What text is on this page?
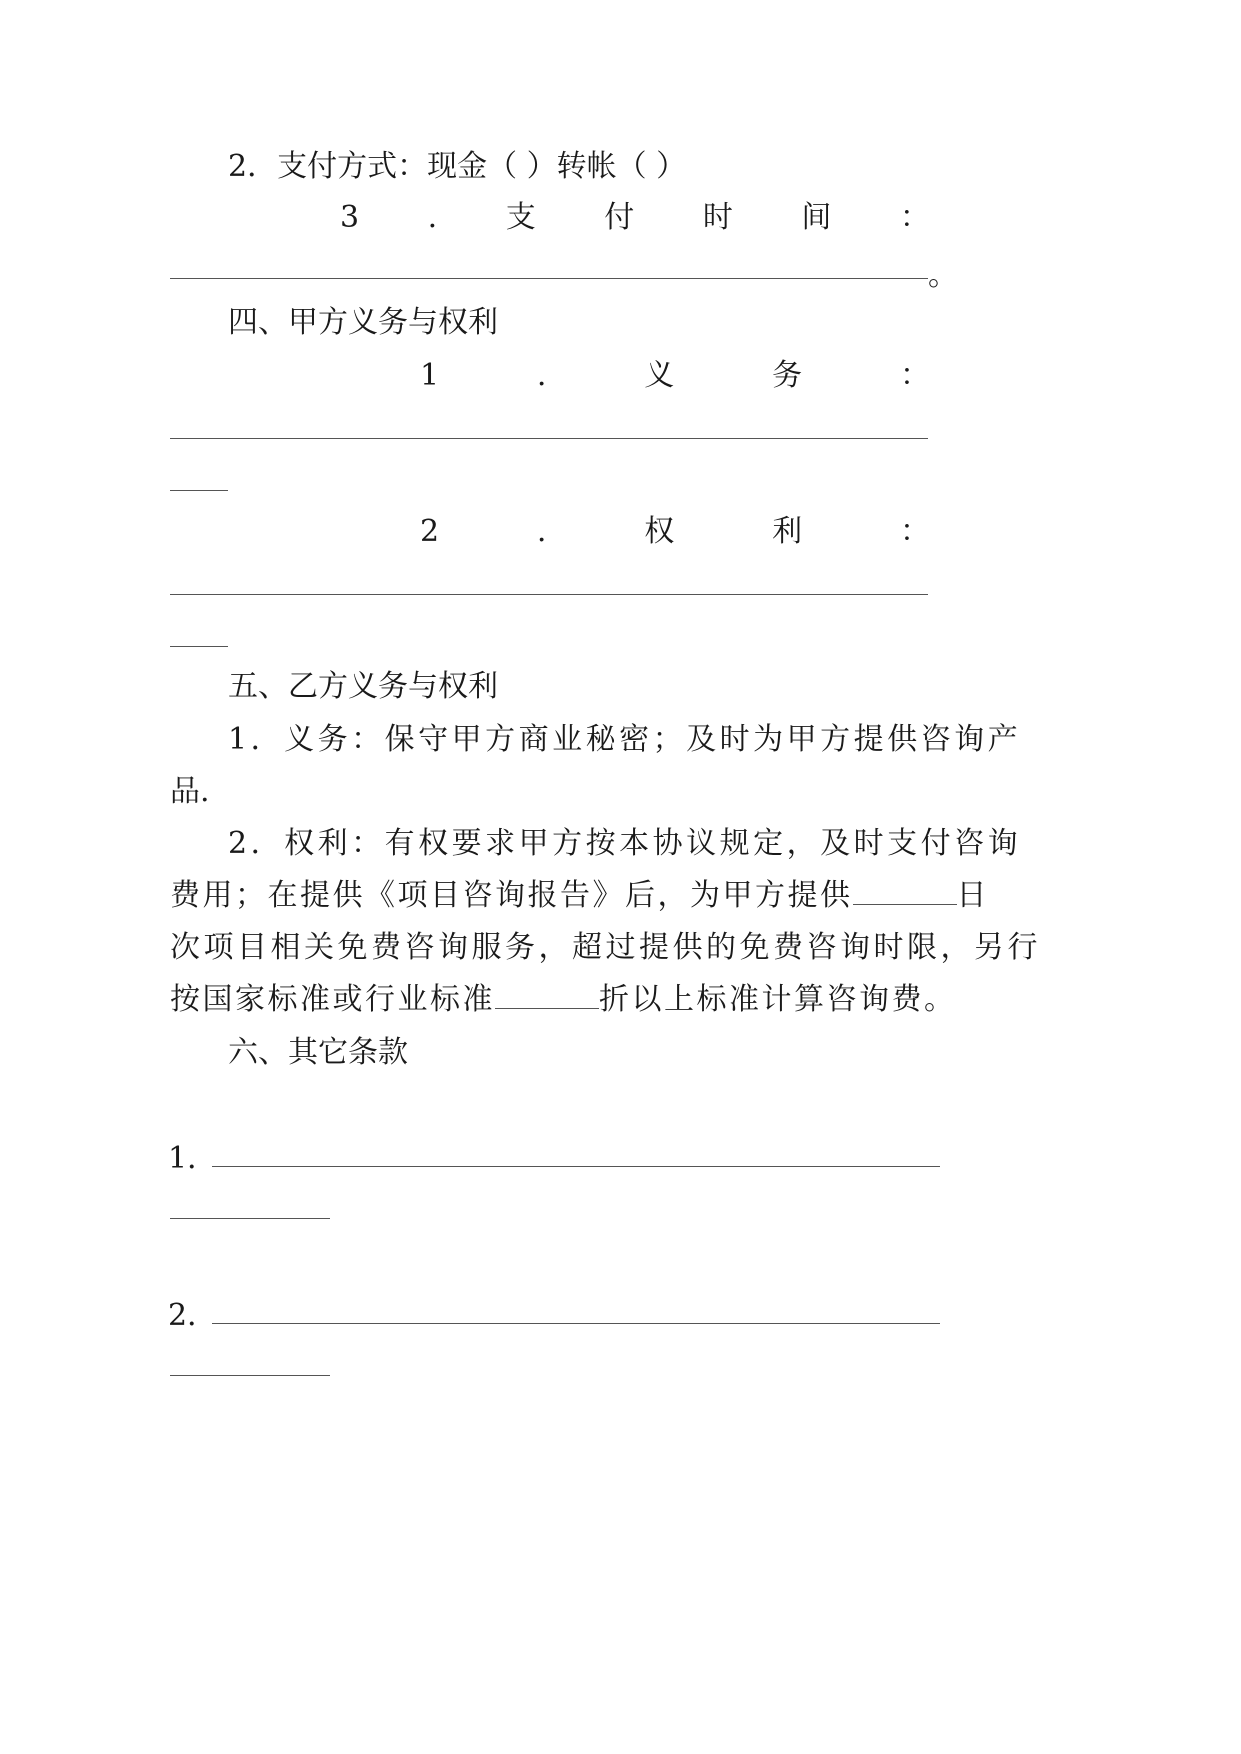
2．支付方式：现金（ ）转帐（ ）
3 . 支 付 时 间 ：
。
四、甲方义务与权利
1	.	义	务	：
2	.	权	利	：
五、乙方义务与权利
1．义务：保守甲方商业秘密；及时为甲方提供咨询产
品.
2．权利：有权要求甲方按本协议规定，及时支付咨询
费用；在提供《项目咨询报告》后，为甲方提供	日
次项目相关免费咨询服务，超过提供的免费咨询时限，另行
按国家标准或行业标准	折以上标准计算咨询费。
六、其它条款
1．
2．
